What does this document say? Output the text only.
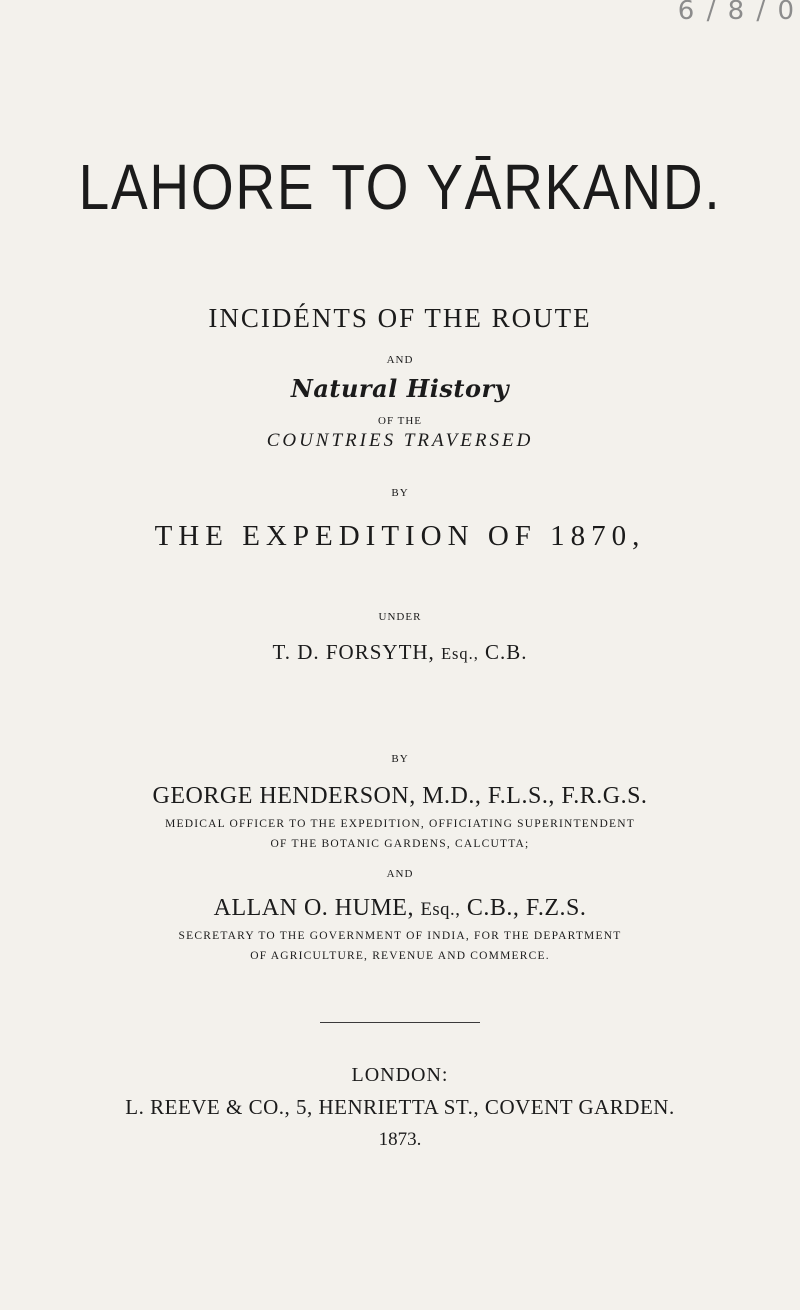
6 / 8 / 0
LAHORE TO YĀRKAND.
INCIDÉNTS OF THE ROUTE
AND
Natural History
OF THE
COUNTRIES TRAVERSED
BY
THE EXPEDITION OF 1870,
UNDER
T. D. FORSYTH, Esq., C.B.
BY
GEORGE HENDERSON, M.D., F.L.S., F.R.G.S.
MEDICAL OFFICER TO THE EXPEDITION, OFFICIATING SUPERINTENDENT
OF THE BOTANIC GARDENS, CALCUTTA;
AND
ALLAN O. HUME, Esq., C.B., F.Z.S.
SECRETARY TO THE GOVERNMENT OF INDIA, FOR THE DEPARTMENT
OF AGRICULTURE, REVENUE AND COMMERCE.
LONDON:
L. REEVE & CO., 5, HENRIETTA ST., COVENT GARDEN.
1873.
